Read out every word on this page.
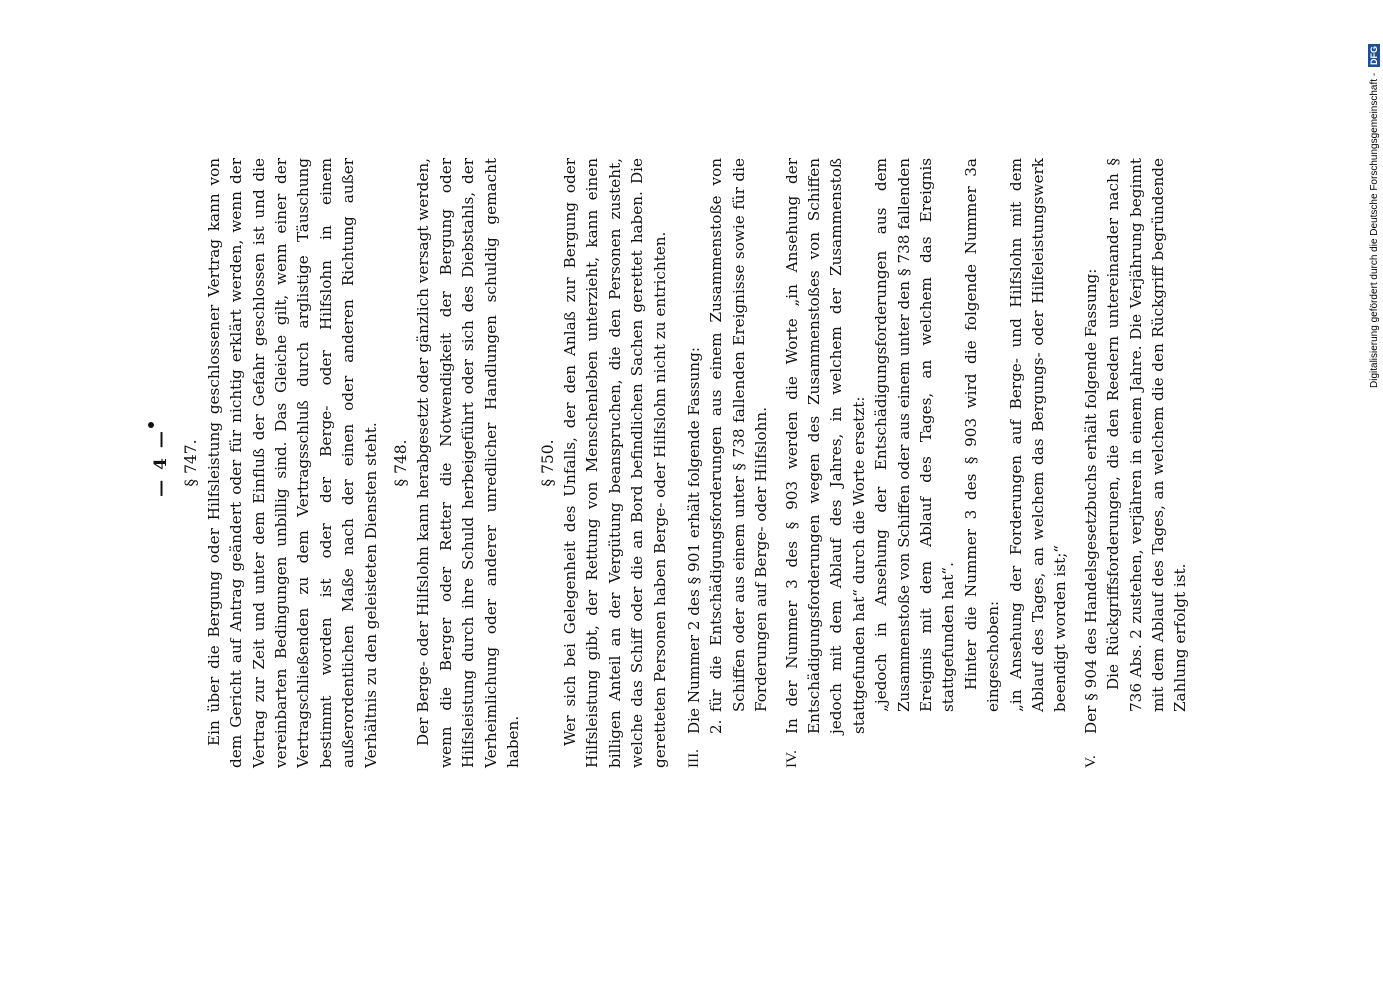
— 4 — § 747. Ein über die Bergung oder Hilfsleistung geschlossener Vertrag kann von dem Gericht auf Antrag geändert oder für nichtig erklärt werden, wenn der Vertrag zur Zeit und unter dem Einfluß der Gefahr geschlossen ist und die vereinbarten Bedingungen unbillig sind. Das Gleiche gilt, wenn einer der Vertragschließenden zu dem Vertragsschluß durch arglistige Täuschung bestimmt worden ist oder der Berge- oder Hilfslohn in einem außerordentlichen Maße nach der einen oder anderen Richtung außer Verhältnis zu den geleisteten Diensten steht. § 748. Der Berge- oder Hilfslohn kann herabgesetzt oder gänzlich versagt werden, wenn die Berger oder Retter die Notwendigkeit der Bergung oder Hilfsleistung durch ihre Schuld herbeigeführt oder sich des Diebstahls, der Verheimlichung oder anderer unredlicher Handlungen schuldig gemacht haben.

§ 750. Wer sich bei Gelegenheit des Unfalls, der den Anlaß zur Bergung oder Hilfsleistung gibt, der Rettung von Menschenleben unterzieht, kann einen billigen Anteil an der Vergütung beanspruchen, die den Personen zusteht, welche das Schiff oder die an Bord befindlichen Sachen gerettet haben. Die geretteten Personen haben Berge- oder Hilfslohn nicht zu entrichten. III.
Die Nummer 2 des § 901 erhält folgende Fassung: 2.
für die Entschädigungsforderungen aus einem Zusammenstoße von Schiffen oder aus einem unter § 738 fallenden Ereignisse sowie für die Forderungen auf Berge- oder Hilfslohn.

IV.
In der Nummer 3 des § 903 werden die Worte „in Ansehung der Entschädigungsforderungen wegen des Zusammenstoßes von Schiffen jedoch mit dem Ablauf des Jahres, in welchem der Zusammenstoß stattgefunden hat“ durch die Worte ersetzt: „jedoch in Ansehung der Entschädigungsforderungen aus dem Zusammenstoße von Schiffen oder aus einem unter den § 738 fallenden Ereignis mit dem Ablauf des Tages, an welchem das Ereignis stattgefunden hat“. Hinter die Nummer 3 des § 903 wird die folgende Nummer 3a eingeschoben: „in Ansehung der Forderungen auf Berge- und Hilfslohn mit dem Ablauf des Tages, an welchem das Bergungs- oder Hilfeleistungswerk beendigt worden ist;“

V.
Der § 904 des Handelsgesetzbuchs erhält folgende Fassung: Die Rückgriffsforderungen, die den Reedern untereinander nach § 736 Abs. 2 zustehen, verjähren in einem Jahre. Die Verjährung beginnt mit dem Ablauf des Tages, an welchem die den Rückgriff begründende Zahlung erfolgt ist.

Digitalisierung gefördert durch die Deutsche Forschungsgemeinschaft - DFG
